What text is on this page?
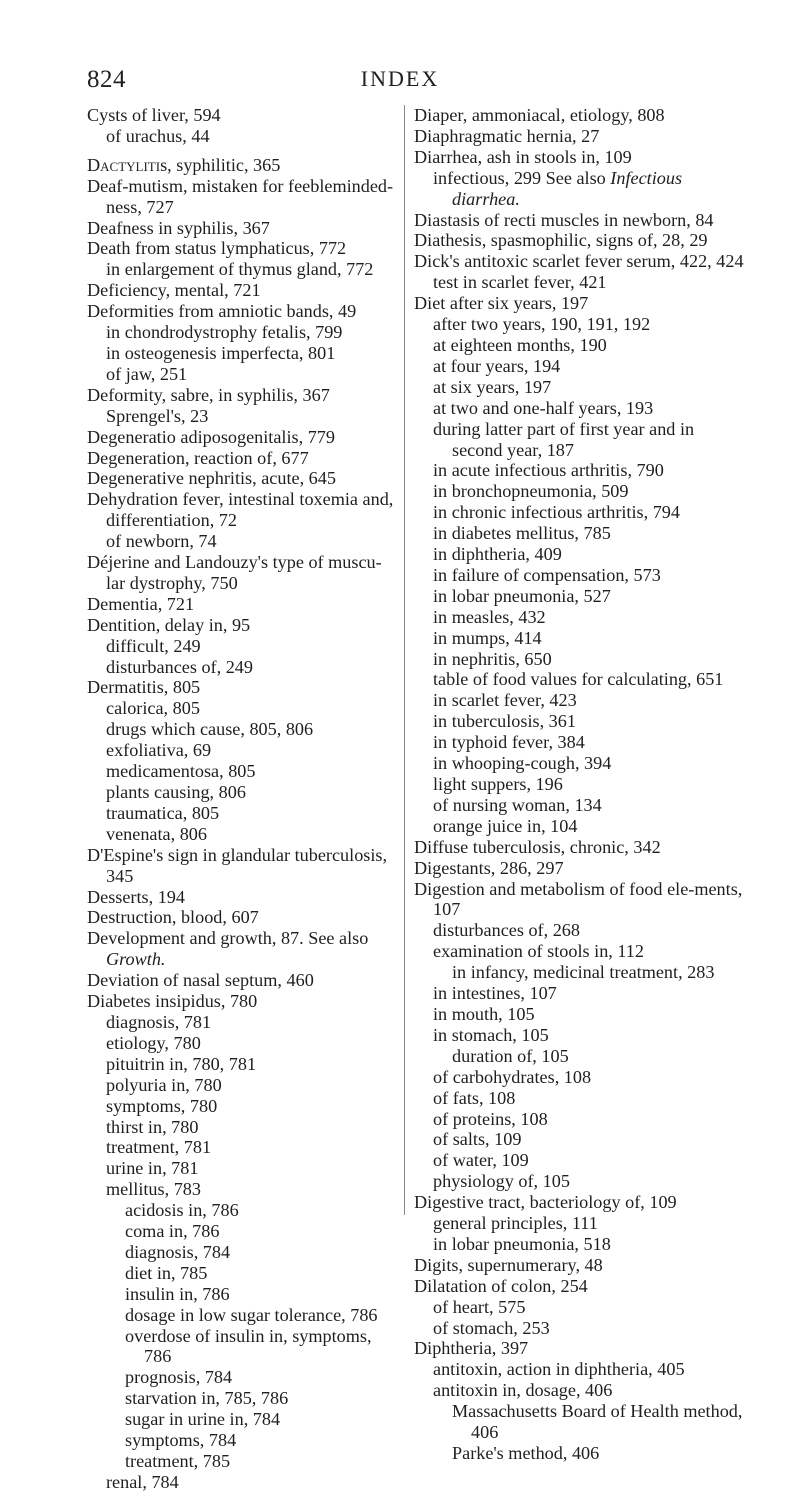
824	INDEX

Cysts of liver, 594

of urachus, 44

Dactylitis, syphilitic, 365

Deaf-mutism, mistaken for feebleminded-ness, 727

Deafness in syphilis, 367

Death from status lymphaticus, 772

in enlargement of thymus gland, 772

Deficiency, mental, 721

Deformities from amniotic bands, 49

in chondrodystrophy fetalis, 799

in osteogenesis imperfecta, 801

of jaw, 251

Deformity, sabre, in syphilis, 367

Sprengel's, 23

Degeneratio adiposogenitalis, 779

Degeneration, reaction of, 677

Degenerative nephritis, acute, 645

Dehydration fever, intestinal toxemia and, differentiation, 72

of newborn, 74

Déjerine and Landouzy's type of muscu-lar dystrophy, 750

Dementia, 721

Dentition, delay in, 95

difficult, 249

disturbances of, 249

Dermatitis, 805

calorica, 805

drugs which cause, 805, 806

exfoliativa, 69

medicamentosa, 805

plants causing, 806

traumatica, 805

venenata, 806

D'Espine's sign in glandular tuberculosis, 345

Desserts, 194

Destruction, blood, 607

Development and growth, 87. See also Growth.

Deviation of nasal septum, 460

Diabetes insipidus, 780

diagnosis, 781

etiology, 780

pituitrin in, 780, 781

polyuria in, 780

symptoms, 780

thirst in, 780

treatment, 781

urine in, 781

mellitus, 783

acidosis in, 786

coma in, 786

diagnosis, 784

diet in, 785

insulin in, 786

dosage in low sugar tolerance, 786

overdose of insulin in, symptoms, 786

prognosis, 784

starvation in, 785, 786

sugar in urine in, 784

symptoms, 784

treatment, 785

renal, 784

Diaper, ammoniacal, etiology, 808

Diaphragmatic hernia, 27

Diarrhea, ash in stools in, 109

infectious, 299 See also Infectious diarrhea.

Diastasis of recti muscles in newborn, 84

Diathesis, spasmophilic, signs of, 28, 29

Dick's antitoxic scarlet fever serum, 422, 424

test in scarlet fever, 421

Diet after six years, 197

after two years, 190, 191, 192

at eighteen months, 190

at four years, 194

at six years, 197

at two and one-half years, 193

during latter part of first year and in second year, 187

in acute infectious arthritis, 790

in bronchopneumonia, 509

in chronic infectious arthritis, 794

in diabetes mellitus, 785

in diphtheria, 409

in failure of compensation, 573

in lobar pneumonia, 527

in measles, 432

in mumps, 414

in nephritis, 650

table of food values for calculating, 651

in scarlet fever, 423

in tuberculosis, 361

in typhoid fever, 384

in whooping-cough, 394

light suppers, 196

of nursing woman, 134

orange juice in, 104

Diffuse tuberculosis, chronic, 342

Digestants, 286, 297

Digestion and metabolism of food ele-ments, 107

disturbances of, 268

examination of stools in, 112

in infancy, medicinal treatment, 283

in intestines, 107

in mouth, 105

in stomach, 105

duration of, 105

of carbohydrates, 108

of fats, 108

of proteins, 108

of salts, 109

of water, 109

physiology of, 105

Digestive tract, bacteriology of, 109

general principles, 111

in lobar pneumonia, 518

Digits, supernumerary, 48

Dilatation of colon, 254

of heart, 575

of stomach, 253

Diphtheria, 397

antitoxin, action in diphtheria, 405

antitoxin in, dosage, 406

Massachusetts Board of Health method, 406

Parke's method, 406
